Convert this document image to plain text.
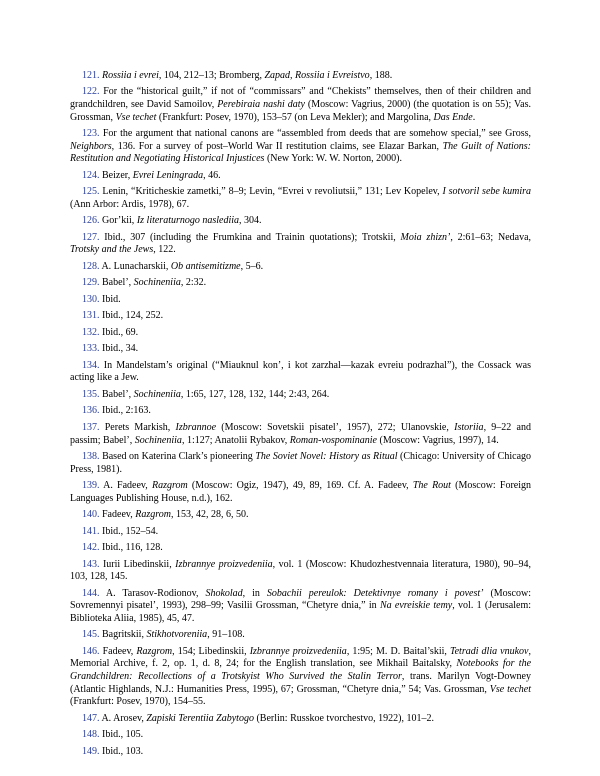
121. Rossiia i evrei, 104, 212–13; Bromberg, Zapad, Rossiia i Evreistvo, 188.

122. For the “historical guilt,” if not of “commissars” and “Chekists” themselves, then of their children and grandchildren, see David Samoilov, Perebiraia nashi daty (Moscow: Vagrius, 2000) (the quotation is on 55); Vas. Grossman, Vse techet (Frankfurt: Posev, 1970), 153–57 (on Leva Mekler); and Margolina, Das Ende.

123. For the argument that national canons are “assembled from deeds that are somehow special,” see Gross, Neighbors, 136. For a survey of post–World War II restitution claims, see Elazar Barkan, The Guilt of Nations: Restitution and Negotiating Historical Injustices (New York: W. W. Norton, 2000).

124. Beizer, Evrei Leningrada, 46.

125. Lenin, “Kriticheskie zametki,” 8–9; Levin, “Evrei v revoliutsii,” 131; Lev Kopelev, I sotvoril sebe kumira (Ann Arbor: Ardis, 1978), 67.

126. Gor’kii, Iz literaturnogo naslediia, 304.

127. Ibid., 307 (including the Frumkina and Trainin quotations); Trotskii, Moia zhizn’, 2:61–63; Nedava, Trotsky and the Jews, 122.

128. A. Lunacharskii, Ob antisemitizme, 5–6.

129. Babel’, Sochineniia, 2:32.

130. Ibid.

131. Ibid., 124, 252.

132. Ibid., 69.

133. Ibid., 34.

134. In Mandelstam’s original (“Miauknul kon’, i kot zarzhal—kazak evreiu podrazhal”), the Cossack was acting like a Jew.

135. Babel’, Sochineniia, 1:65, 127, 128, 132, 144; 2:43, 264.

136. Ibid., 2:163.

137. Perets Markish, Izbrannoe (Moscow: Sovetskii pisatel’, 1957), 272; Ulanovskie, Istoriia, 9–22 and passim; Babel’, Sochineniia, 1:127; Anatolii Rybakov, Roman-vospominanie (Moscow: Vagrius, 1997), 14.

138. Based on Katerina Clark’s pioneering The Soviet Novel: History as Ritual (Chicago: University of Chicago Press, 1981).

139. A. Fadeev, Razgrom (Moscow: Ogiz, 1947), 49, 89, 169. Cf. A. Fadeev, The Rout (Moscow: Foreign Languages Publishing House, n.d.), 162.

140. Fadeev, Razgrom, 153, 42, 28, 6, 50.

141. Ibid., 152–54.

142. Ibid., 116, 128.

143. Iurii Libedinskii, Izbrannye proizvedeniia, vol. 1 (Moscow: Khudozhestvennaia literatura, 1980), 90–94, 103, 128, 145.

144. A. Tarasov-Rodionov, Shokolad, in Sobachii pereulok: Detektivnye romany i povest’ (Moscow: Sovremennyi pisatel’, 1993), 298–99; Vasilii Grossman, “Chetyre dnia,” in Na evreiskie temy, vol. 1 (Jerusalem: Biblioteka Aliia, 1985), 45, 47.

145. Bagritskii, Stikhotvoreniia, 91–108.

146. Fadeev, Razgrom, 154; Libedinskii, Izbrannye proizvedeniia, 1:95; M. D. Baital’skii, Tetradi dlia vnukov, Memorial Archive, f. 2, op. 1, d. 8, 24; for the English translation, see Mikhail Baitalsky, Notebooks for the Grandchildren: Recollections of a Trotskyist Who Survived the Stalin Terror, trans. Marilyn Vogt-Downey (Atlantic Highlands, N.J.: Humanities Press, 1995), 67; Grossman, “Chetyre dnia,” 54; Vas. Grossman, Vse techet (Frankfurt: Posev, 1970), 154–55.

147. A. Arosev, Zapiski Terentiia Zabytogo (Berlin: Russkoe tvorchestvo, 1922), 101–2.

148. Ibid., 105.

149. Ibid., 103.
